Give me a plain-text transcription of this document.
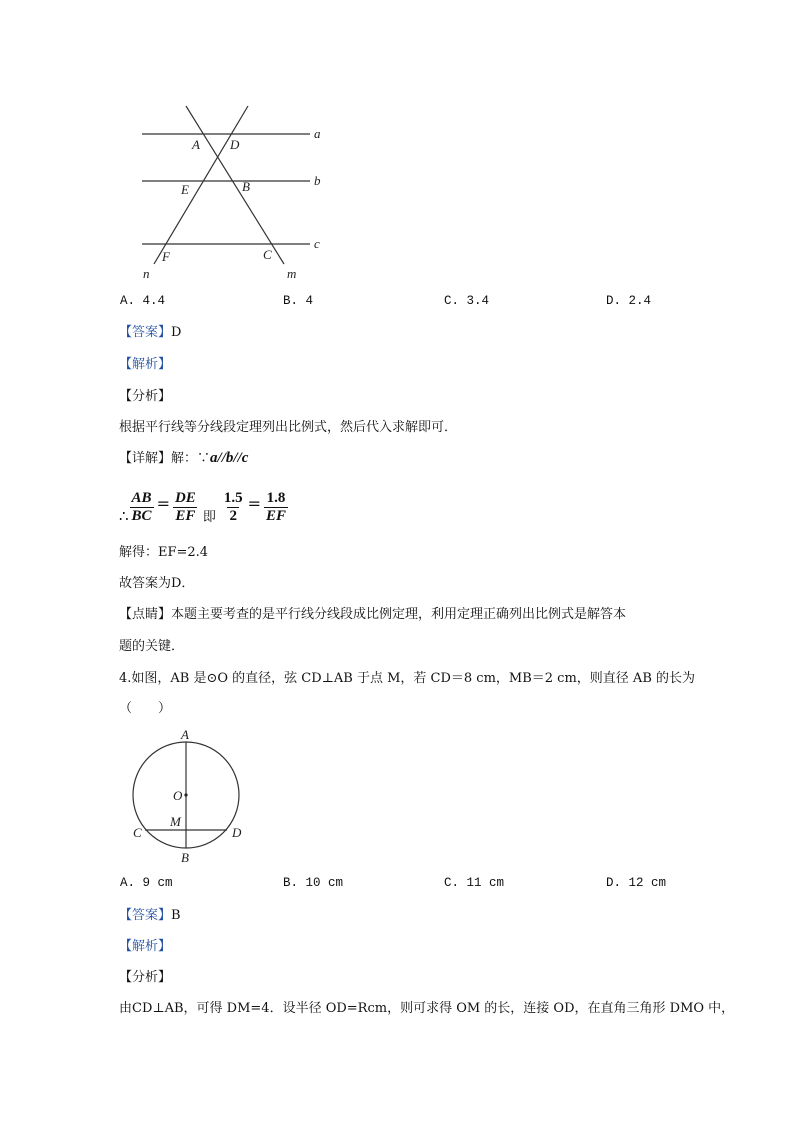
a
b
c
n	m
A D
E	B
F	C
A. 4.4	B. 4	C. 3.4	D. 2.4
【答案】D
【解析】
【分析】
根据平行线等分线段定理列出比例式，然后代入求解即可．
【详解】解：∵a//b//c
∴ $\frac{AB}{BC} = \frac{DE}{EF}$ 即 $\frac{1.5}{2} = \frac{1.8}{EF}$
解得：EF=2.4
故答案为D．
【点睛】本题主要考查的是平行线分线段成比例定理，利用定理正确列出比例式是解答本
题的关键．
4.如图，AB 是⊙O 的直径，弦 CD⊥AB 于点 M，若 CD＝8 cm，MB＝2 cm，则直径 AB 的长为
（　　）
A
O
M
C	D
B
A. 9 cm	B. 10 cm	C. 11 cm	D. 12 cm
【答案】B
【解析】
【分析】
由CD⊥AB，可得 DM=4．设半径 OD=Rcm，则可求得 OM 的长，连接 OD，在直角三角形 DMO 中，
